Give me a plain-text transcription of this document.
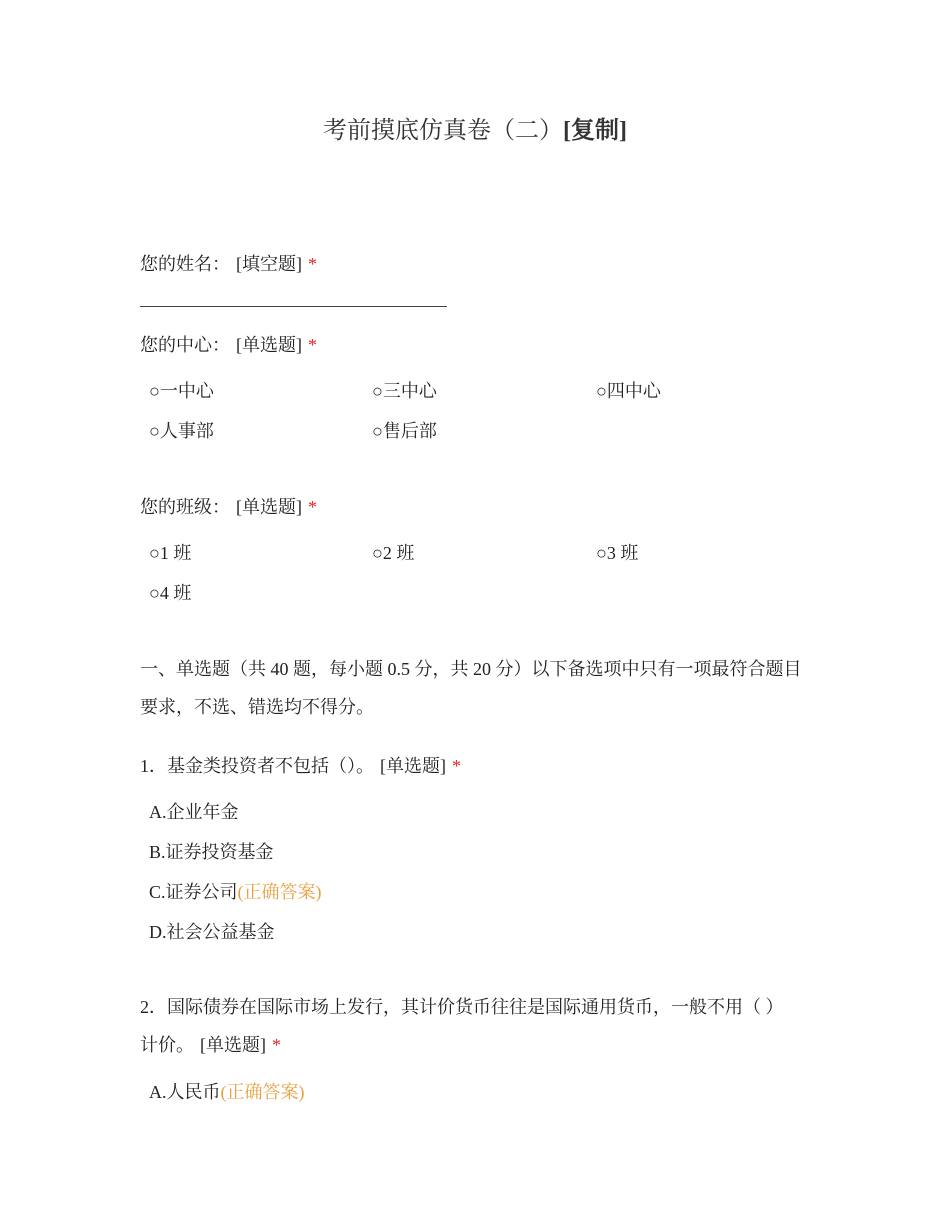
考前摸底仿真卷（二）[复制]
您的姓名： [填空题] *
您的中心： [单选题] *
○一中心	○三中心	○四中心
○人事部	○售后部
您的班级： [单选题] *
○1 班	○2 班	○3 班
○4 班
一、单选题（共 40 题，每小题 0.5 分，共 20 分）以下备选项中只有一项最符合题目要求，不选、错选均不得分。
1．基金类投资者不包括（）。 [单选题] *
A.企业年金
B.证券投资基金
C.证券公司(正确答案)
D.社会公益基金
2．国际债券在国际市场上发行，其计价货币往往是国际通用货币，一般不用（ ）
计价。 [单选题] *
A.人民币(正确答案)
